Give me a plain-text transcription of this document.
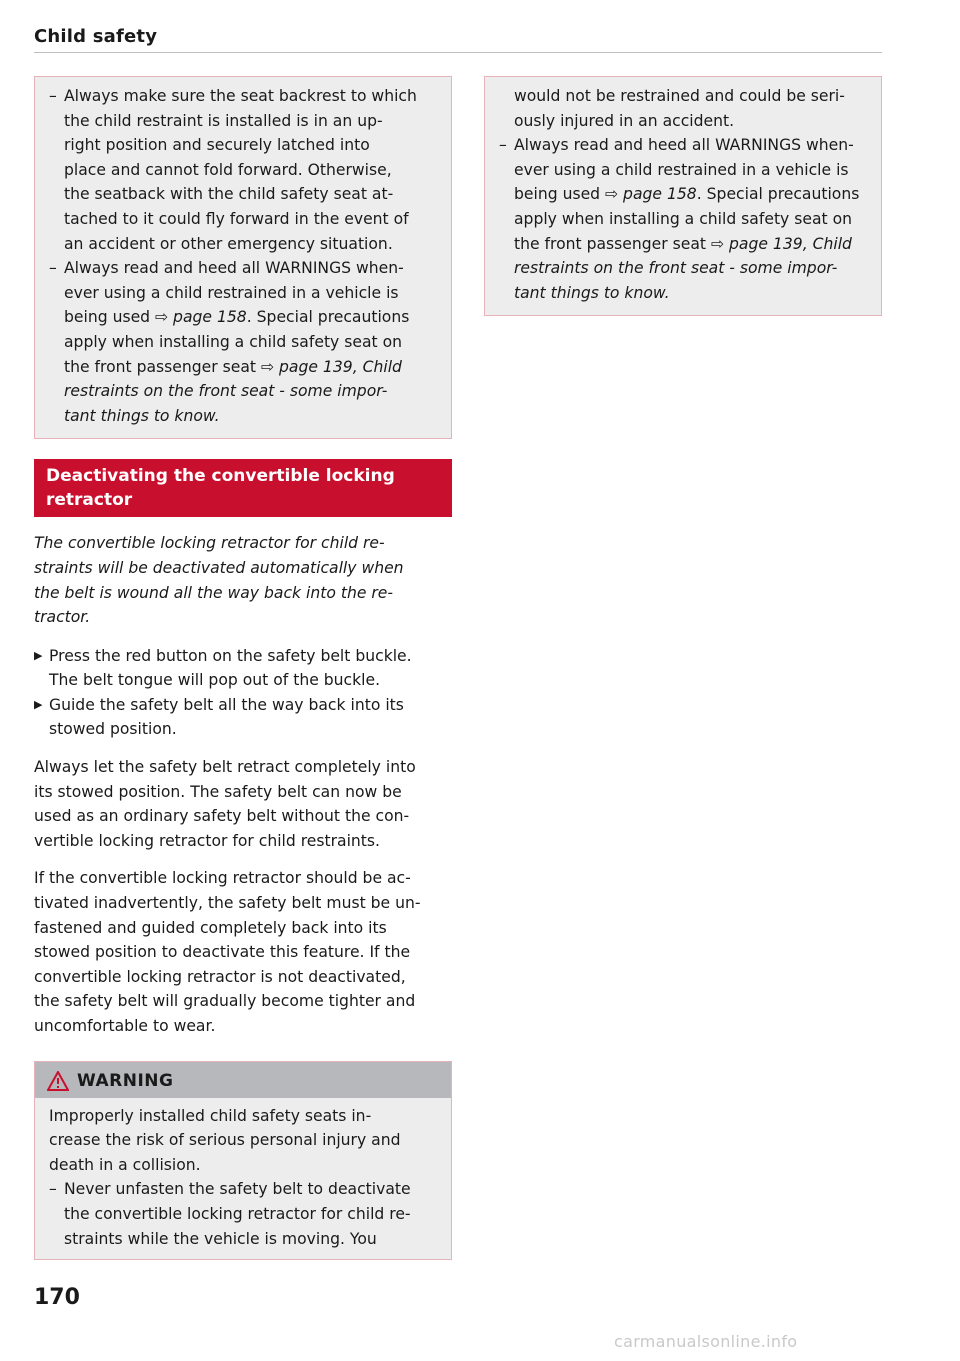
Child safety
– Always make sure the seat backrest to which
the child restraint is installed is in an up-
right position and securely latched into
place and cannot fold forward. Otherwise,
the seatback with the child safety seat at-
tached to it could fly forward in the event of
an accident or other emergency situation.
– Always read and heed all WARNINGS when-
ever using a child restrained in a vehicle is
being used ⇨ page 158. Special precautions
apply when installing a child safety seat on
the front passenger seat ⇨ page 139, Child
restraints on the front seat - some impor-
tant things to know.
Deactivating the convertible locking
retractor

The convertible locking retractor for child re-

straints will be deactivated automatically when

the belt is wound all the way back into the re-

tractor.

▶ Press the red button on the safety belt buckle.
The belt tongue will pop out of the buckle.
▶ Guide the safety belt all the way back into its
stowed position.

Always let the safety belt retract completely into

its stowed position. The safety belt can now be

used as an ordinary safety belt without the con-

vertible locking retractor for child restraints.

If the convertible locking retractor should be ac-

tivated inadvertently, the safety belt must be un-

fastened and guided completely back into its

stowed position to deactivate this feature. If the

convertible locking retractor is not deactivated,

the safety belt will gradually become tighter and

uncomfortable to wear.

WARNING

Improperly installed child safety seats in-

crease the risk of serious personal injury and

death in a collision.

– Never unfasten the safety belt to deactivate
the convertible locking retractor for child re-
straints while the vehicle is moving. You
would not be restrained and could be seri-
ously injured in an accident.
– Always read and heed all WARNINGS when-
ever using a child restrained in a vehicle is
being used ⇨ page 158. Special precautions
apply when installing a child safety seat on
the front passenger seat ⇨ page 139, Child
restraints on the front seat - some impor-
tant things to know.
170
carmanualsonline.info
